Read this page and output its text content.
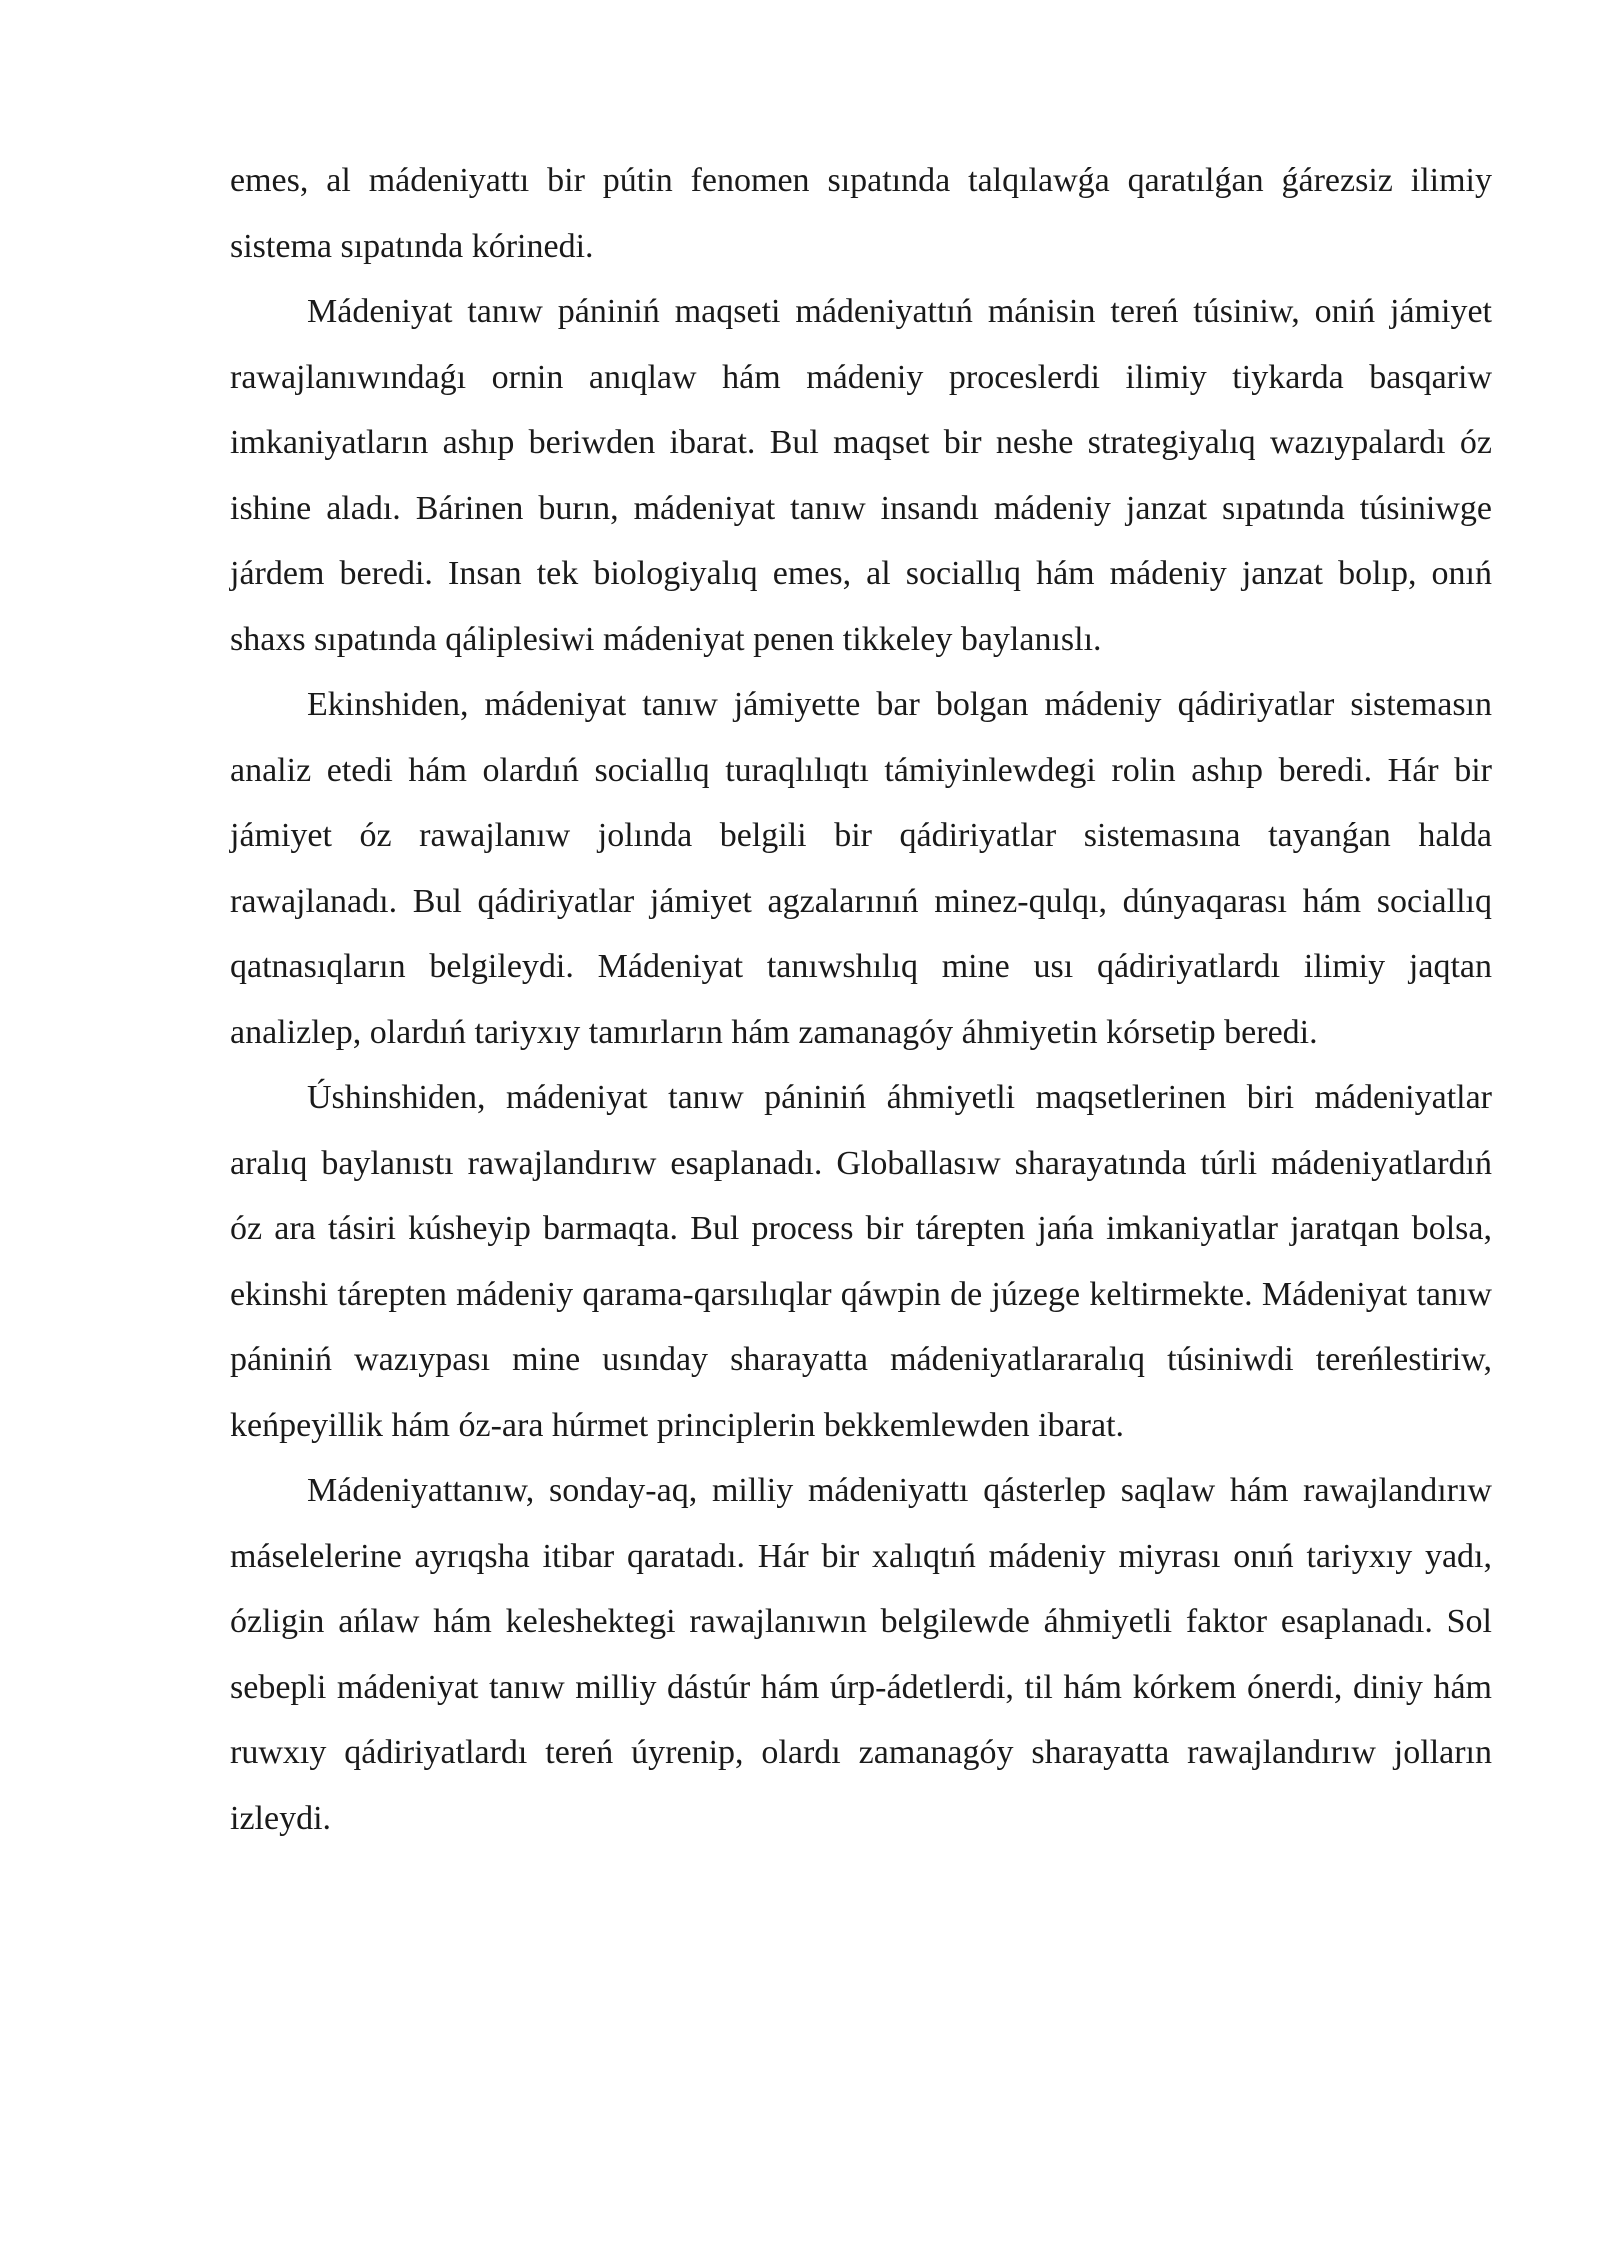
emes, al mádeniyattı bir pútin fenomen sıpatında talqılawǵa qaratılǵan ǵárezsiz ilimiy sistema sıpatında kórinedi.

Mádeniyat tanıw pániniń maqseti mádeniyattıń mánisin tereń túsiniw, oniń jámiyet rawajlanıwındaǵı ornin anıqlaw hám mádeniy proceslerdi ilimiy tiykarda basqariw imkaniyatların ashıp beriwden ibarat. Bul maqset bir neshe strategiyalıq wazıypalardı óz ishine aladı. Bárinen burın, mádeniyat tanıw insandı mádeniy janzat sıpatında túsiniwge járdem beredi. Insan tek biologiyalıq emes, al sociallıq hám mádeniy janzat bolıp, onıń shaxs sıpatında qáliplesiwi mádeniyat penen tikkeley baylanıslı.

Ekinshiden, mádeniyat tanıw jámiyette bar bolgan mádeniy qádiriyatlar sistemasın analiz etedi hám olardıń sociallıq turaqlılıqtı támiyinlewdegi rolin ashıp beredi. Hár bir jámiyet óz rawajlanıw jolında belgili bir qádiriyatlar sistemasına tayanǵan halda rawajlanadı. Bul qádiriyatlar jámiyet agzalarınıń minez-qulqı, dúnyaqarası hám sociallıq qatnasıqların belgileydi. Mádeniyat tanıwshılıq mine usı qádiriyatlardı ilimiy jaqtan analizlep, olardıń tariyxıy tamırların hám zamanagóy áhmiyetin kórsetip beredi.

Úshinshiden, mádeniyat tanıw pániniń áhmiyetli maqsetlerinen biri mádeniyatlar aralıq baylanıstı rawajlandırıw esaplanadı. Globallasıw sharayatında túrli mádeniyatlardıń óz ara tásiri kúsheyip barmaqta. Bul process bir tárepten jańa imkaniyatlar jaratqan bolsa, ekinshi tárepten mádeniy qarama-qarsılıqlar qáwpin de júzege keltirmekte. Mádeniyat tanıw pániniń wazıypası mine usınday sharayatta mádeniyatlararalıq túsiniwdi tereńlestiriw, keńpeyillik hám óz-ara húrmet principlerin bekkemlewden ibarat.

Mádeniyattanıw, sonday-aq, milliy mádeniyattı qásterlep saqlaw hám rawajlandırıw máselelerine ayrıqsha itibar qaratadı. Hár bir xalıqtıń mádeniy miyrası onıń tariyxıy yadı, ózligin ańlaw hám keleshektegi rawajlanıwın belgilewde áhmiyetli faktor esaplanadı. Sol sebepli mádeniyat tanıw milliy dástúr hám úrp-ádetlerdi, til hám kórkem ónerdi, diniy hám ruwxıy qádiriyatlardı tereń úyrenip, olardı zamanagóy sharayatta rawajlandırıw jolların izleydi.
